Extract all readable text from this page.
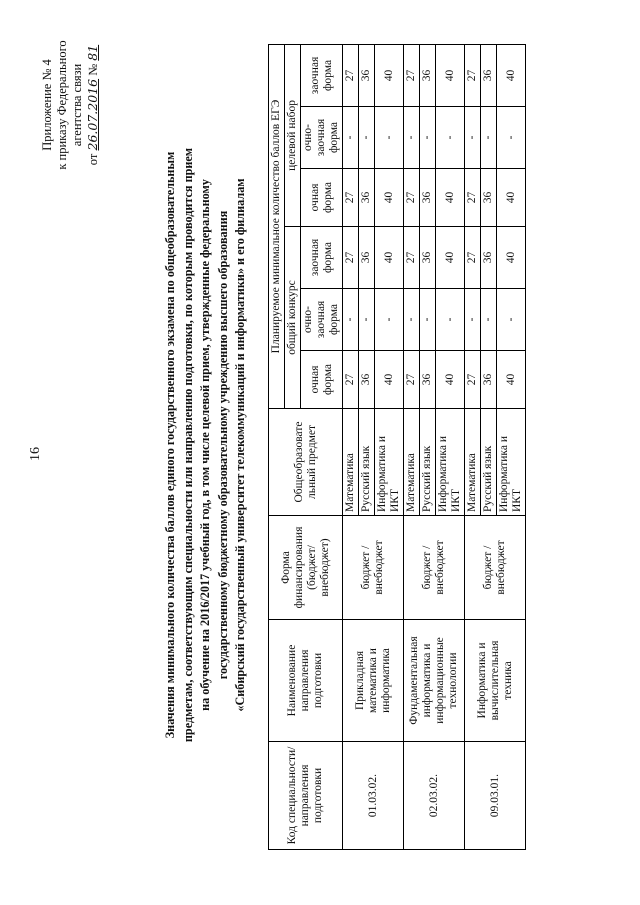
16
Приложение № 4 к приказу Федерального агентства связи
от 26.07.2016 № 81
Значения минимального количества баллов единого государственного экзамена по общеобразовательным предметам, соответствующим специальности или направлению подготовки, по которым проводится прием на обучение на 2016/2017 учебный год, в том числе целевой прием, утвержденные федеральному государственному бюджетному образовательному учреждению высшего образования «Сибирский государственный университет телекоммуникаций и информатики» и его филиалам
Код специальности/ направления подготовки	Наименование направления подготовки	Форма финансирования (бюджет/ внебюджет)	Общеобразовате льный предмет	Планируемое минимальное количество баллов ЕГЭ					
				общий конкурс			целевой набор		
				очная форма	очно-заочная форма	заочная форма	очная форма	очно-заочная форма	заочная форма
01.03.02.	Прикладная математика и информатика	бюджет / внебюджет	Математика	27	-	27	27	-	27
			Русский язык	36	-	36	36	-	36
			Информатика и ИКТ	40	-	40	40	-	40
02.03.02.	Фундаментальная информатика и информационные технологии	бюджет / внебюджет	Математика	27	-	27	27	-	27
			Русский язык	36	-	36	36	-	36
			Информатика и ИКТ	40	-	40	40	-	40
09.03.01.	Информатика и вычислительная техника	бюджет / внебюджет	Математика	27	-	27	27	-	27
			Русский язык	36	-	36	36	-	36
			Информатика и ИКТ	40	-	40	40	-	40
